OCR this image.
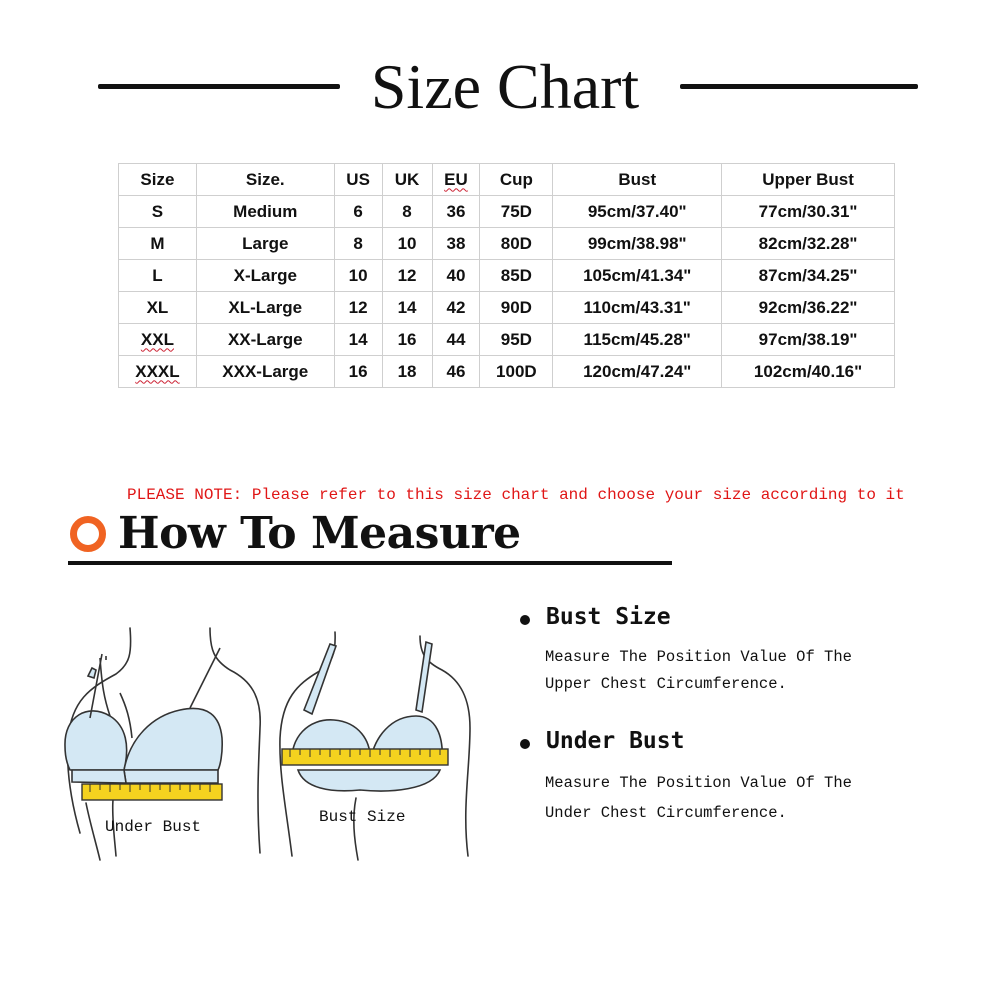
Size Chart
Size	Size.	US	UK	EU	Cup	Bust	Upper Bust
S	Medium	6	8	36	75D	95cm/37.40"	77cm/30.31"
M	Large	8	10	38	80D	99cm/38.98"	82cm/32.28"
L	X-Large	10	12	40	85D	105cm/41.34"	87cm/34.25"
XL	XL-Large	12	14	42	90D	110cm/43.31"	92cm/36.22"
XXL	XX-Large	14	16	44	95D	115cm/45.28"	97cm/38.19"
XXXL	XXX-Large	16	18	46	100D	120cm/47.24"	102cm/40.16"
PLEASE NOTE: Please refer to this size chart and choose your size according to it
How To Measure
Under Bust
Bust Size
Bust Size
Measure The Position Value Of The Upper Chest Circumference.
Under Bust
Measure The Position Value Of The Under Chest Circumference.
